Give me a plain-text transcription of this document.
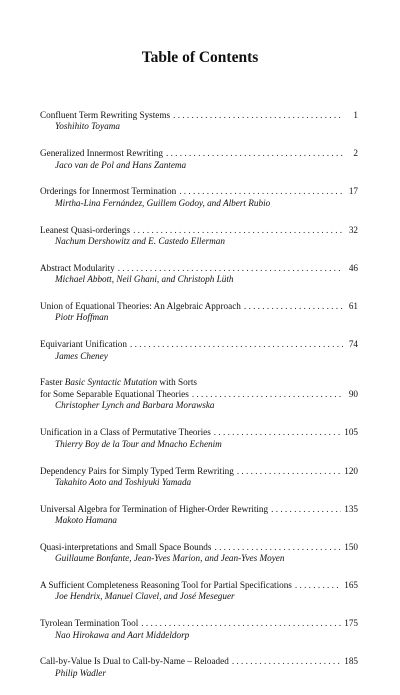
Table of Contents
Confluent Term Rewriting Systems . . .	1
Yoshihito Toyama
Generalized Innermost Rewriting . . .	2
Jaco van de Pol and Hans Zantema
Orderings for Innermost Termination . . .	17
Mirtha-Lina Fernández, Guillem Godoy, and Albert Rubio
Leanest Quasi-orderings . . .	32
Nachum Dershowitz and E. Castedo Ellerman
Abstract Modularity . . .	46
Michael Abbott, Neil Ghani, and Christoph Lüth
Union of Equational Theories: An Algebraic Approach . . .	61
Piotr Hoffman
Equivariant Unification . . .	74
James Cheney
Faster Basic Syntactic Mutation with Sorts
for Some Separable Equational Theories . . .	90
Christopher Lynch and Barbara Morawska
Unification in a Class of Permutative Theories . . .	105
Thierry Boy de la Tour and Mnacho Echenim
Dependency Pairs for Simply Typed Term Rewriting . . .	120
Takahito Aoto and Toshiyuki Yamada
Universal Algebra for Termination of Higher-Order Rewriting . . .	135
Makoto Hamana
Quasi-interpretations and Small Space Bounds . . .	150
Guillaume Bonfante, Jean-Yves Marion, and Jean-Yves Moyen
A Sufficient Completeness Reasoning Tool for Partial Specifications . . .	165
Joe Hendrix, Manuel Clavel, and José Meseguer
Tyrolean Termination Tool . . .	175
Nao Hirokawa and Aart Middeldorp
Call-by-Value Is Dual to Call-by-Name – Reloaded . . .	185
Philip Wadler
